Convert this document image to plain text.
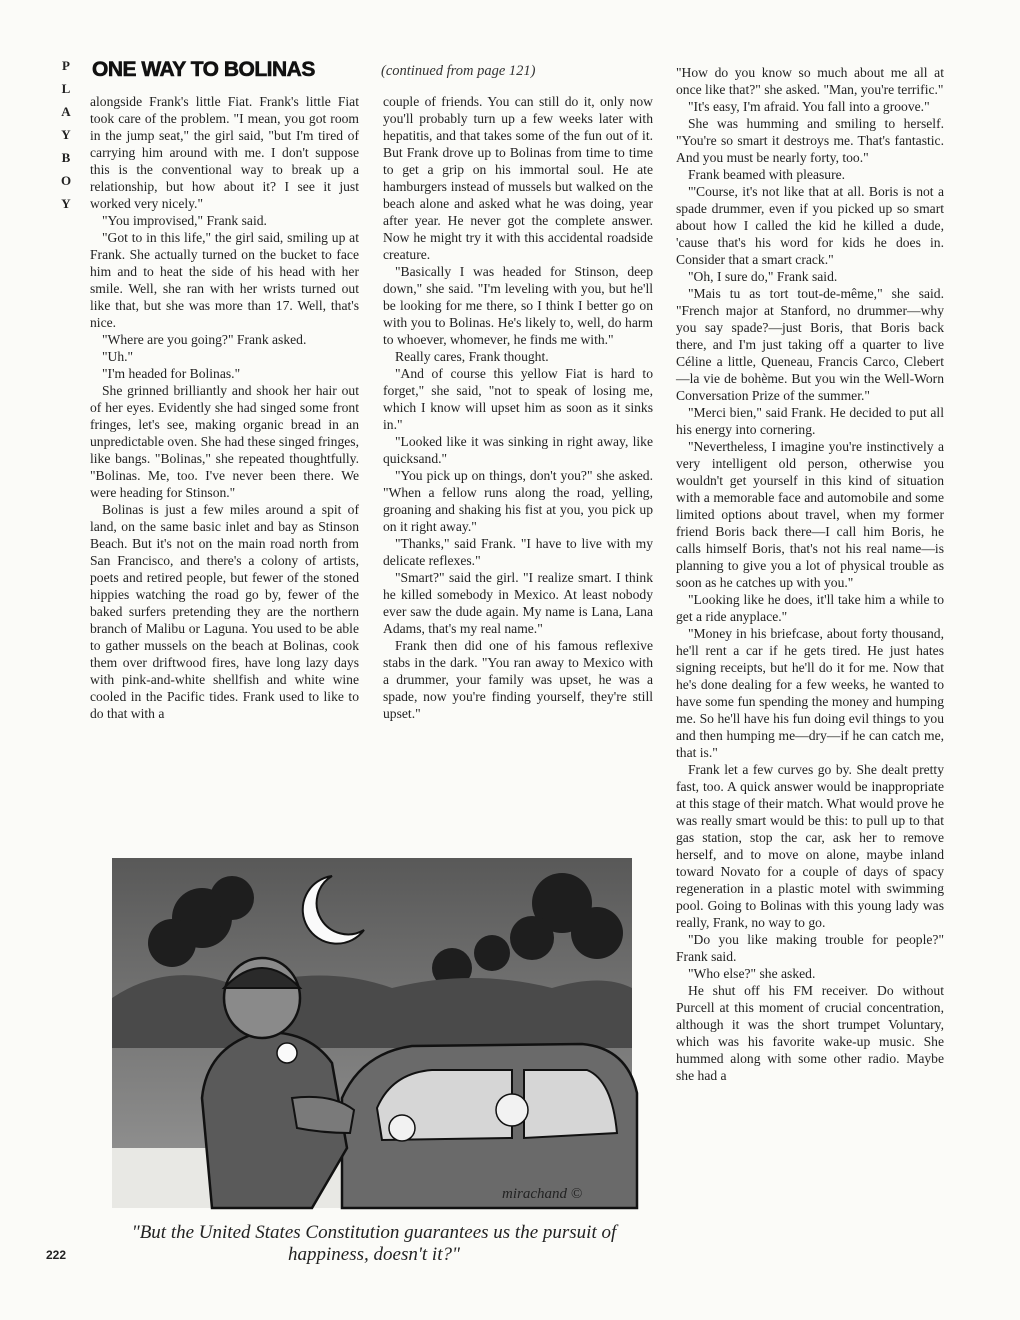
P
L
A
Y
B
O
Y
ONE WAY TO BOLINAS	(continued from page 121)

alongside Frank's little Fiat. Frank's little Fiat took care of the problem. "I mean, you got room in the jump seat," the girl said, "but I'm tired of carrying him around with me. I don't suppose this is the conventional way to break up a relationship, but how about it? I see it just worked very nicely."

"You improvised," Frank said.

"Got to in this life," the girl said, smiling up at Frank. She actually turned on the bucket to face him and to heat the side of his head with her smile. Well, she ran with her wrists turned out like that, but she was more than 17. Well, that's nice.

"Where are you going?" Frank asked.

"Uh."

"I'm headed for Bolinas."

She grinned brilliantly and shook her hair out of her eyes. Evidently she had singed some front fringes, let's see, making organic bread in an unpredictable oven. She had these singed fringes, like bangs. "Bolinas," she repeated thoughtfully. "Bolinas. Me, too. I've never been there. We were heading for Stinson."

Bolinas is just a few miles around a spit of land, on the same basic inlet and bay as Stinson Beach. But it's not on the main road north from San Francisco, and there's a colony of artists, poets and retired people, but fewer of the stoned hippies watching the road go by, fewer of the baked surfers pretending they are the northern branch of Malibu or Laguna. You used to be able to gather mussels on the beach at Bolinas, cook them over driftwood fires, have long lazy days with pink-and-white shellfish and white wine cooled in the Pacific tides. Frank used to like to do that with a

couple of friends. You can still do it, only now you'll probably turn up a few weeks later with hepatitis, and that takes some of the fun out of it. But Frank drove up to Bolinas from time to time to get a grip on his immortal soul. He ate hamburgers instead of mussels but walked on the beach alone and asked what he was doing, year after year. He never got the complete answer. Now he might try it with this accidental roadside creature.

"Basically I was headed for Stinson, deep down," she said. "I'm leveling with you, but he'll be looking for me there, so I think I better go on with you to Bolinas. He's likely to, well, do harm to whoever, whomever, he finds me with."

Really cares, Frank thought.

"And of course this yellow Fiat is hard to forget," she said, "not to speak of losing me, which I know will upset him as soon as it sinks in."

"Looked like it was sinking in right away, like quicksand."

"You pick up on things, don't you?" she asked. "When a fellow runs along the road, yelling, groaning and shaking his fist at you, you pick up on it right away."

"Thanks," said Frank. "I have to live with my delicate reflexes."

"Smart?" said the girl. "I realize smart. I think he killed somebody in Mexico. At least nobody ever saw the dude again. My name is Lana, Lana Adams, that's my real name."

Frank then did one of his famous reflexive stabs in the dark. "You ran away to Mexico with a drummer, your family was upset, he was a spade, now you're finding yourself, they're still upset."

"How do you know so much about me all at once like that?" she asked. "Man, you're terrific."

"It's easy, I'm afraid. You fall into a groove."

She was humming and smiling to herself. "You're so smart it destroys me. That's fantastic. And you must be nearly forty, too."

Frank beamed with pleasure.

"'Course, it's not like that at all. Boris is not a spade drummer, even if you picked up so smart about how I called the kid he killed a dude, 'cause that's his word for kids he does in. Consider that a smart crack."

"Oh, I sure do," Frank said.

"Mais tu as tort tout-de-même," she said. "French major at Stanford, no drummer—why you say spade?—just Boris, that Boris back there, and I'm just taking off a quarter to live Céline a little, Queneau, Francis Carco, Clebert—la vie de bohème. But you win the Well-Worn Conversation Prize of the summer."

"Merci bien," said Frank. He decided to put all his energy into cornering.

"Nevertheless, I imagine you're instinctively a very intelligent old person, otherwise you wouldn't get yourself in this kind of situation with a memorable face and automobile and some limited options about travel, when my former friend Boris back there—I call him Boris, he calls himself Boris, that's not his real name—is planning to give you a lot of physical trouble as soon as he catches up with you."

"Looking like he does, it'll take him a while to get a ride anyplace."

"Money in his briefcase, about forty thousand, he'll rent a car if he gets tired. He just hates signing receipts, but he'll do it for me. Now that he's done dealing for a few weeks, he wanted to have some fun spending the money and humping me. So he'll have his fun doing evil things to you and then humping me—dry—if he can catch me, that is."

Frank let a few curves go by. She dealt pretty fast, too. A quick answer would be inappropriate at this stage of their match. What would prove he was really smart would be this: to pull up to that gas station, stop the car, ask her to remove herself, and to move on alone, maybe inland toward Novato for a couple of days of spacy regeneration in a plastic motel with swimming pool. Going to Bolinas with this young lady was really, Frank, no way to go.

"Do you like making trouble for people?" Frank said.

"Who else?" she asked.

He shut off his FM receiver. Do without Purcell at this moment of crucial concentration, although it was the short trumpet Voluntary, which was his favorite wake-up music. She hummed along with some other radio. Maybe she had a

mirachand ©
"But the United States Constitution guarantees us the pursuit of happiness, doesn't it?"
222
